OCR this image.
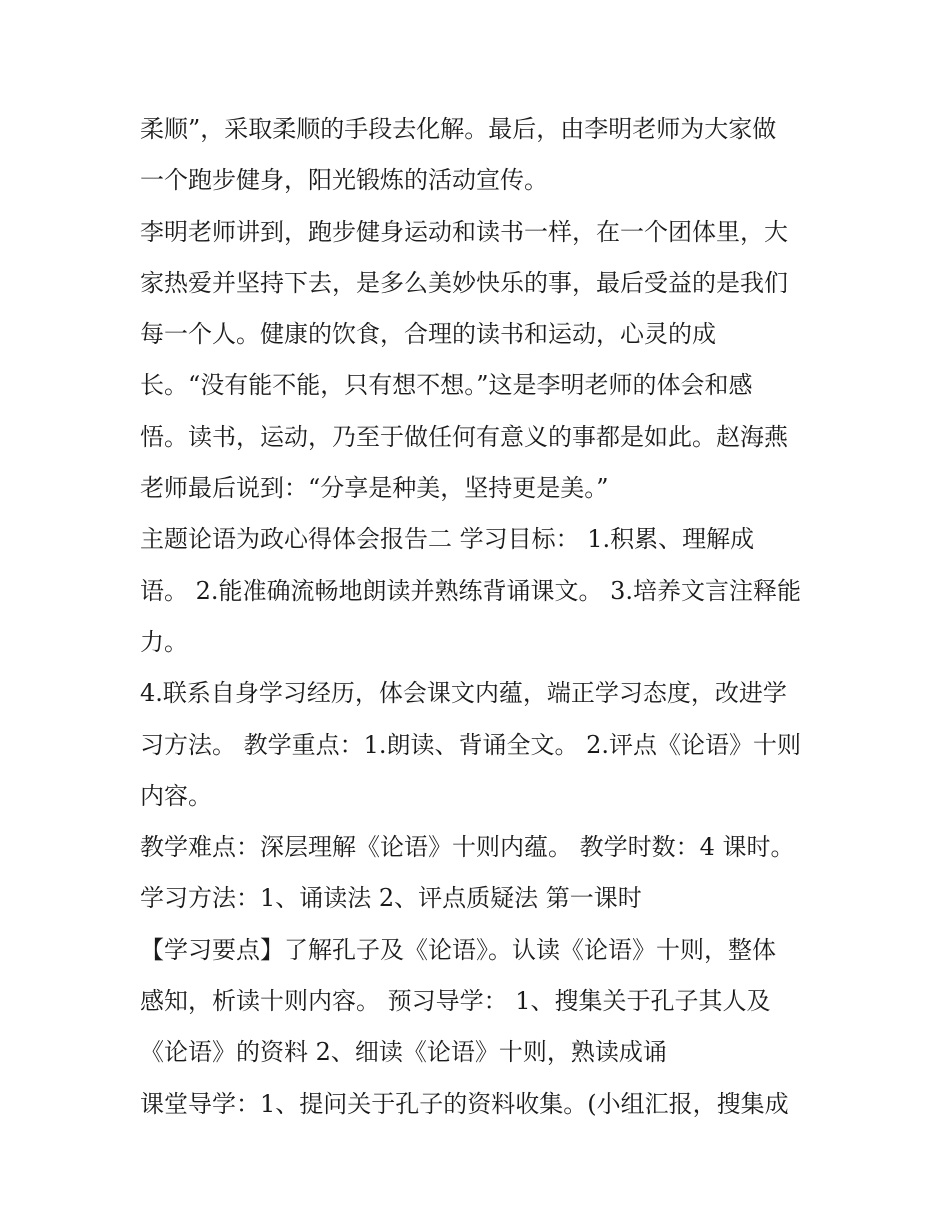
柔顺”，采取柔顺的手段去化解。最后，由李明老师为大家做
一个跑步健身，阳光锻炼的活动宣传。
李明老师讲到，跑步健身运动和读书一样，在一个团体里，大
家热爱并坚持下去，是多么美妙快乐的事，最后受益的是我们
每一个人。健康的饮食，合理的读书和运动，心灵的成
长。“没有能不能，只有想不想。”这是李明老师的体会和感
悟。读书，运动，乃至于做任何有意义的事都是如此。赵海燕
老师最后说到：“分享是种美，坚持更是美。”
主题论语为政心得体会报告二 学习目标： 1.积累、理解成
语。 2.能准确流畅地朗读并熟练背诵课文。 3.培养文言注释能
力。
4.联系自身学习经历，体会课文内蕴，端正学习态度，改进学
习方法。 教学重点：1.朗读、背诵全文。 2.评点《论语》十则
内容。
教学难点：深层理解《论语》十则内蕴。 教学时数：4 课时。
学习方法：1、诵读法 2、评点质疑法 第一课时
【学习要点】了解孔子及《论语》。认读《论语》十则，整体
感知，析读十则内容。 预习导学： 1、搜集关于孔子其人及
《论语》的资料 2、细读《论语》十则，熟读成诵
课堂导学：1、提问关于孔子的资料收集。(小组汇报，搜集成
